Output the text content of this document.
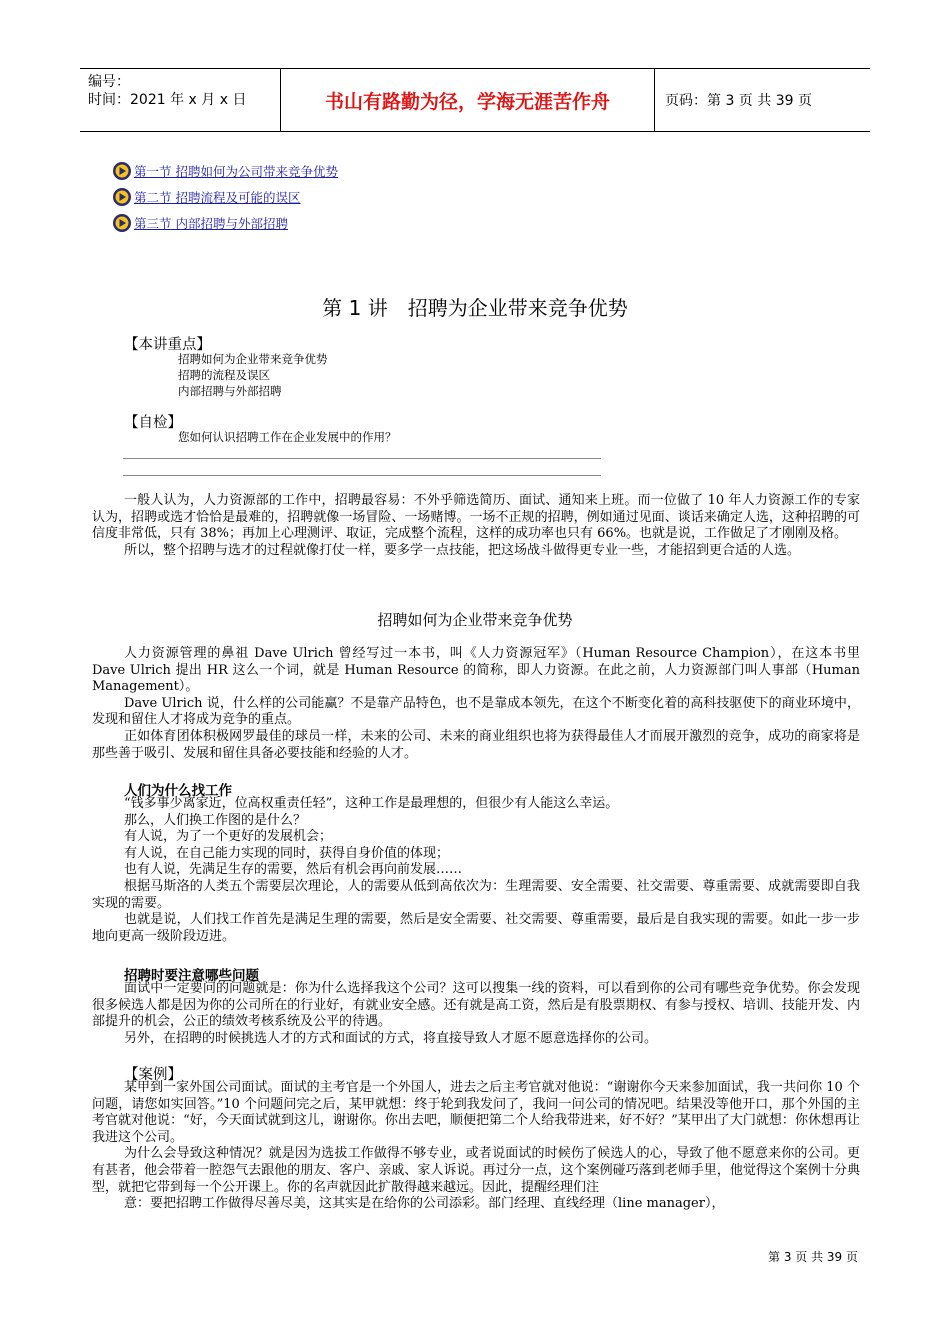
编号：
时间：2021 年 x 月 x 日	书山有路勤为径，学海无涯苦作舟	页码：第 3 页 共 39 页
第一节 招聘如何为公司带来竞争优势
第二节 招聘流程及可能的误区
第三节 内部招聘与外部招聘
第 1 讲　招聘为企业带来竞争优势
【本讲重点】
招聘如何为企业带来竞争优势
招聘的流程及误区
内部招聘与外部招聘
【自检】
您如何认识招聘工作在企业发展中的作用？

一般人认为，人力资源部的工作中，招聘最容易：不外乎筛选简历、面试、通知来上班。而一位做了 10 年人力资源工作的专家认为，招聘或选才恰恰是最难的，招聘就像一场冒险、一场赌博。一场不正规的招聘，例如通过见面、谈话来确定人选，这种招聘的可信度非常低，只有 38%；再加上心理测评、取证，完成整个流程，这样的成功率也只有 66%。也就是说，工作做足了才刚刚及格。

所以，整个招聘与选才的过程就像打仗一样，要多学一点技能，把这场战斗做得更专业一些，才能招到更合适的人选。

招聘如何为企业带来竞争优势

人力资源管理的鼻祖 Dave Ulrich 曾经写过一本书，叫《人力资源冠军》（Human Resource Champion），在这本书里 Dave Ulrich 提出 HR 这么一个词，就是 Human Resource 的简称，即人力资源。在此之前，人力资源部门叫人事部（Human Management）。

Dave Ulrich 说，什么样的公司能赢？不是靠产品特色，也不是靠成本领先，在这个不断变化着的高科技驱使下的商业环境中，发现和留住人才将成为竞争的重点。

正如体育团体积极网罗最佳的球员一样，未来的公司、未来的商业组织也将为获得最佳人才而展开激烈的竞争，成功的商家将是那些善于吸引、发展和留住具备必要技能和经验的人才。

人们为什么找工作

“钱多事少离家近，位高权重责任轻”，这种工作是最理想的，但很少有人能这么幸运。

那么，人们换工作图的是什么？

有人说，为了一个更好的发展机会；

有人说，在自己能力实现的同时，获得自身价值的体现；

也有人说，先满足生存的需要，然后有机会再向前发展……

根据马斯洛的人类五个需要层次理论，人的需要从低到高依次为：生理需要、安全需要、社交需要、尊重需要、成就需要即自我实现的需要。

也就是说，人们找工作首先是满足生理的需要，然后是安全需要、社交需要、尊重需要，最后是自我实现的需要。如此一步一步地向更高一级阶段迈进。

招聘时要注意哪些问题

面试中一定要问的问题就是：你为什么选择我这个公司？这可以搜集一线的资料，可以看到你的公司有哪些竞争优势。你会发现很多候选人都是因为你的公司所在的行业好，有就业安全感。还有就是高工资，然后是有股票期权、有参与授权、培训、技能开发、内部提升的机会，公正的绩效考核系统及公平的待遇。

另外，在招聘的时候挑选人才的方式和面试的方式，将直接导致人才愿不愿意选择你的公司。

【案例】

某甲到一家外国公司面试。面试的主考官是一个外国人，进去之后主考官就对他说：“谢谢你今天来参加面试，我一共问你 10 个问题，请您如实回答。”10 个问题问完之后，某甲就想：终于轮到我发问了，我问一问公司的情况吧。结果没等他开口，那个外国的主考官就对他说：“好，今天面试就到这儿，谢谢你。你出去吧，顺便把第二个人给我带进来，好不好？”某甲出了大门就想：你休想再让我进这个公司。

为什么会导致这种情况？就是因为选拔工作做得不够专业，或者说面试的时候伤了候选人的心，导致了他不愿意来你的公司。更有甚者，他会带着一腔怨气去跟他的朋友、客户、亲戚、家人诉说。再过分一点，这个案例碰巧落到老师手里，他觉得这个案例十分典型，就把它带到每一个公开课上。你的名声就因此扩散得越来越远。因此，提醒经理们注

意：要把招聘工作做得尽善尽美，这其实是在给你的公司添彩。部门经理、直线经理（line manager），

第 3 页 共 39 页
